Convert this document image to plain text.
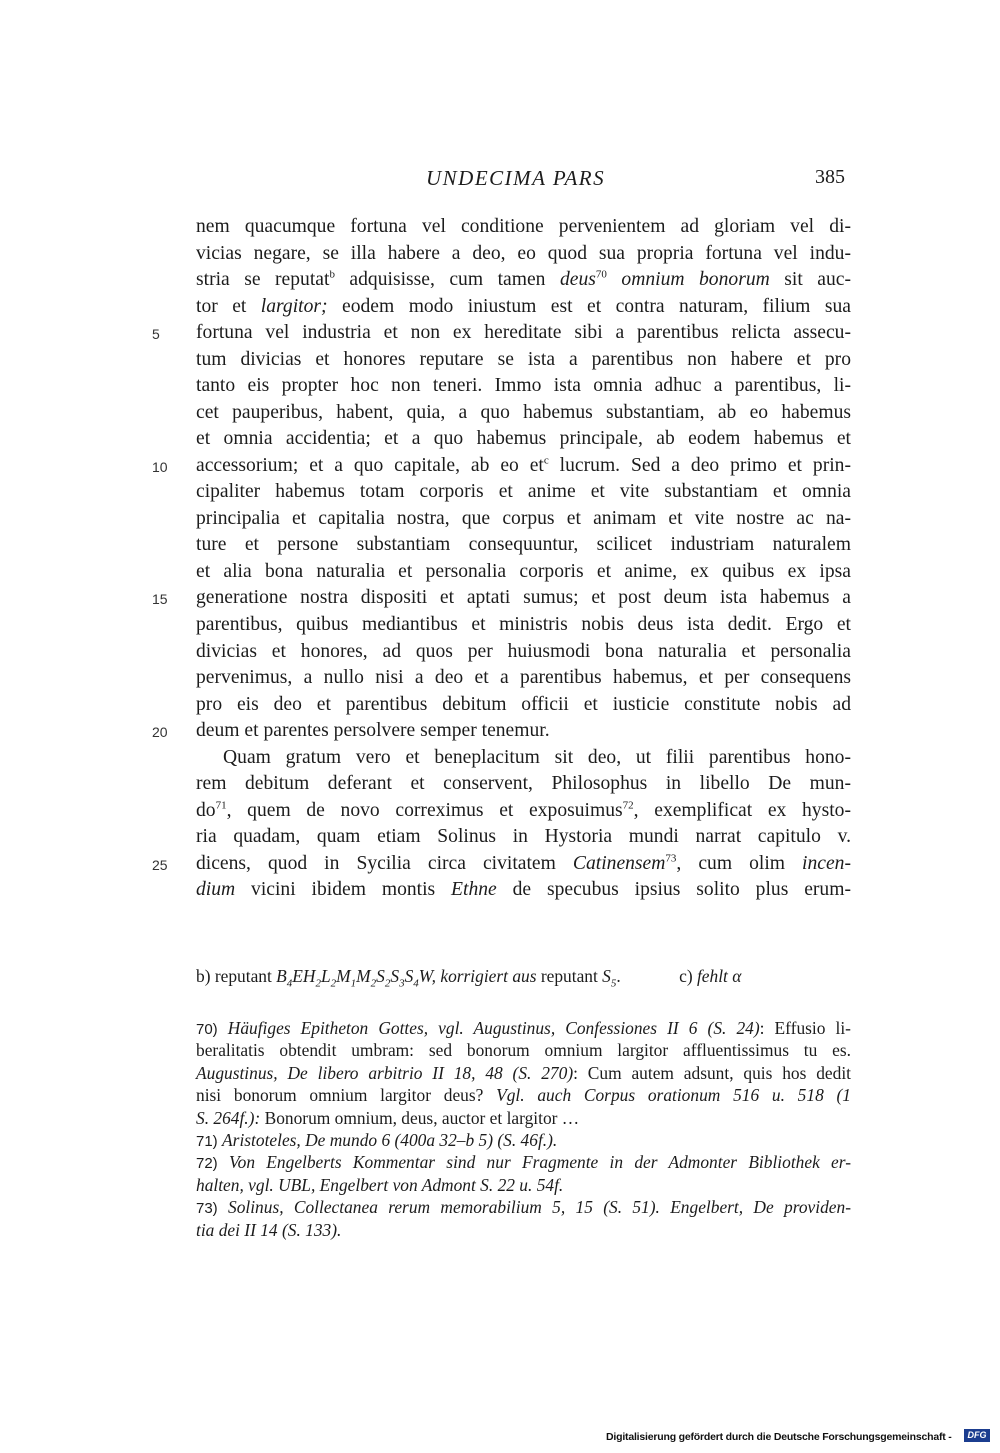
UNDECIMA PARS	385
nem quacumque fortuna vel conditione pervenientem ad gloriam vel di-
vicias negare, se illa habere a deo, eo quod sua propria fortuna vel indu-
stria se reputat$^b$ adquisisse, cum tamen deus$^{70}$ omnium bonorum sit auc-
tor et largitor; eodem modo iniustum est et contra naturam, filium sua
5 fortuna vel industria et non ex hereditate sibi a parentibus relicta assecu-
tum divicias et honores reputare se ista a parentibus non habere et pro
tanto eis propter hoc non teneri. Immo ista omnia adhuc a parentibus, li-
cet pauperibus, habent, quia, a quo habemus substantiam, ab eo habemus
et omnia accidentia; et a quo habemus principale, ab eodem habemus et
10 accessorium; et a quo capitale, ab eo $et^c$ lucrum. Sed a deo primo et prin-
cipaliter habemus totam corporis et anime et vite substantiam et omnia
principalia et capitalia nostra, que corpus et animam et vite nostre ac na-
ture et persone substantiam consequuntur, scilicet industriam naturalem
et alia bona naturalia et personalia corporis et anime, ex quibus ex ipsa
15 generatione nostra dispositi et aptati sumus; et post deum ista habemus a
parentibus, quibus mediantibus et ministris nobis deus ista dedit. Ergo et
divicias et honores, ad quos per huiusmodi bona naturalia et personalia
pervenimus, a nullo nisi a deo et a parentibus habemus, et per consequens
pro eis deo et parentibus debitum officii et iusticie constitute nobis ad
20 deum et parentes persolvere semper tenemur.
Quam gratum vero et beneplacitum sit deo, ut filii parentibus hono-
rem debitum deferant et conservent, Philosophus in libello De mun-
$do^{71}$, quem de novo correximus et exposuimus$^{72}$, exemplificat ex hysto-
ria quadam, quam etiam Solinus in Hystoria mundi narrat capitulo v.
25 dicens, quod in Sycilia circa civitatem Catinensem$^{73}$, cum olim incen-
dium vicini ibidem montis Ethne de specubus ipsius solito plus erum-
b) reputant $B_4EH_2L_2M_1M_2S_2S_3S_4W$, korrigiert aus reputant $S_5$.	c) fehlt α
70) Häufiges Epitheton Gottes, vgl. Augustinus, Confessiones II 6 (S. 24): Effusio li-
beralitatis obtendit umbram: sed bonorum omnium largitor affluentissimus tu es.
Augustinus, De libero arbitrio II 18, 48 (S. 270): Cum autem adsunt, quis hos dedit
nisi bonorum omnium largitor deus? Vgl. auch Corpus orationum 516 u. 518 (1
S. 264f.): Bonorum omnium, deus, auctor et largitor …
71) Aristoteles, De mundo 6 (400a 32–b 5) (S. 46f.).
72) Von Engelberts Kommentar sind nur Fragmente in der Admonter Bibliothek er-
halten, vgl. UBL, Engelbert von Admont S. 22 u. 54f.
73) Solinus, Collectanea rerum memorabilium 5, 15 (S. 51). Engelbert, De providen-
tia dei II 14 (S. 133).
Digitalisierung gefördert durch die Deutsche Forschungsgemeinschaft -	DFG
